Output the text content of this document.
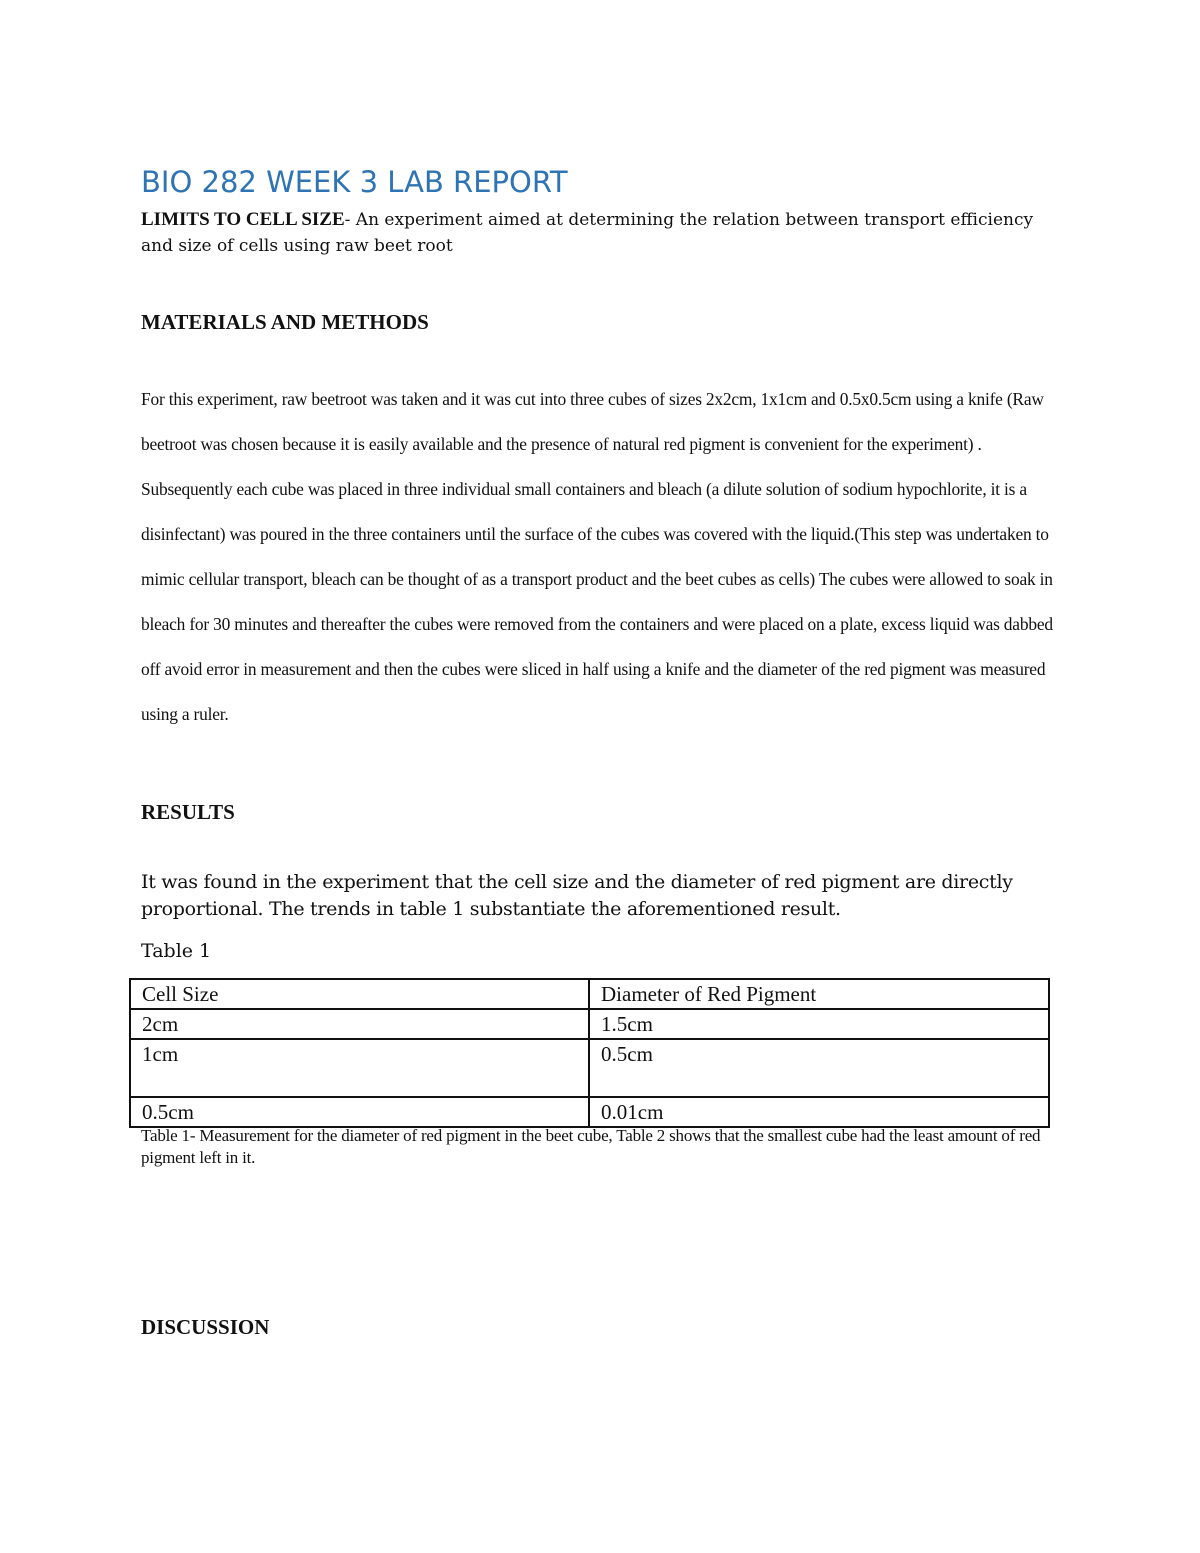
BIO 282 WEEK 3 LAB REPORT

LIMITS TO CELL SIZE- An experiment aimed at determining the relation between transport efficiency and size of cells using raw beet root

MATERIALS AND METHODS

For this experiment, raw beetroot was taken and it was cut into three cubes of sizes 2x2cm, 1x1cm and 0.5x0.5cm using a knife (Raw beetroot was chosen because it is easily available and the presence of natural red pigment is convenient for the experiment) . Subsequently each cube was placed in three individual small containers and bleach (a dilute solution of sodium hypochlorite, it is a disinfectant) was poured in the three containers until the surface of the cubes was covered with the liquid.(This step was undertaken to mimic cellular transport, bleach can be thought of as a transport product and the beet cubes as cells) The cubes were allowed to soak in bleach for 30 minutes and thereafter the cubes were removed from the containers and were placed on a plate, excess liquid was dabbed off avoid error in measurement and then the cubes were sliced in half using a knife and the diameter of the red pigment was measured using a ruler.

RESULTS

It was found in the experiment that the cell size and the diameter of red pigment are directly proportional. The trends in table 1 substantiate the aforementioned result.

Table 1

Cell Size	Diameter of Red Pigment
2cm	1.5cm
1cm	0.5cm
0.5cm	0.01cm

Table 1- Measurement for the diameter of red pigment in the beet cube, Table 2 shows that the smallest cube had the least amount of red pigment left in it.

DISCUSSION
